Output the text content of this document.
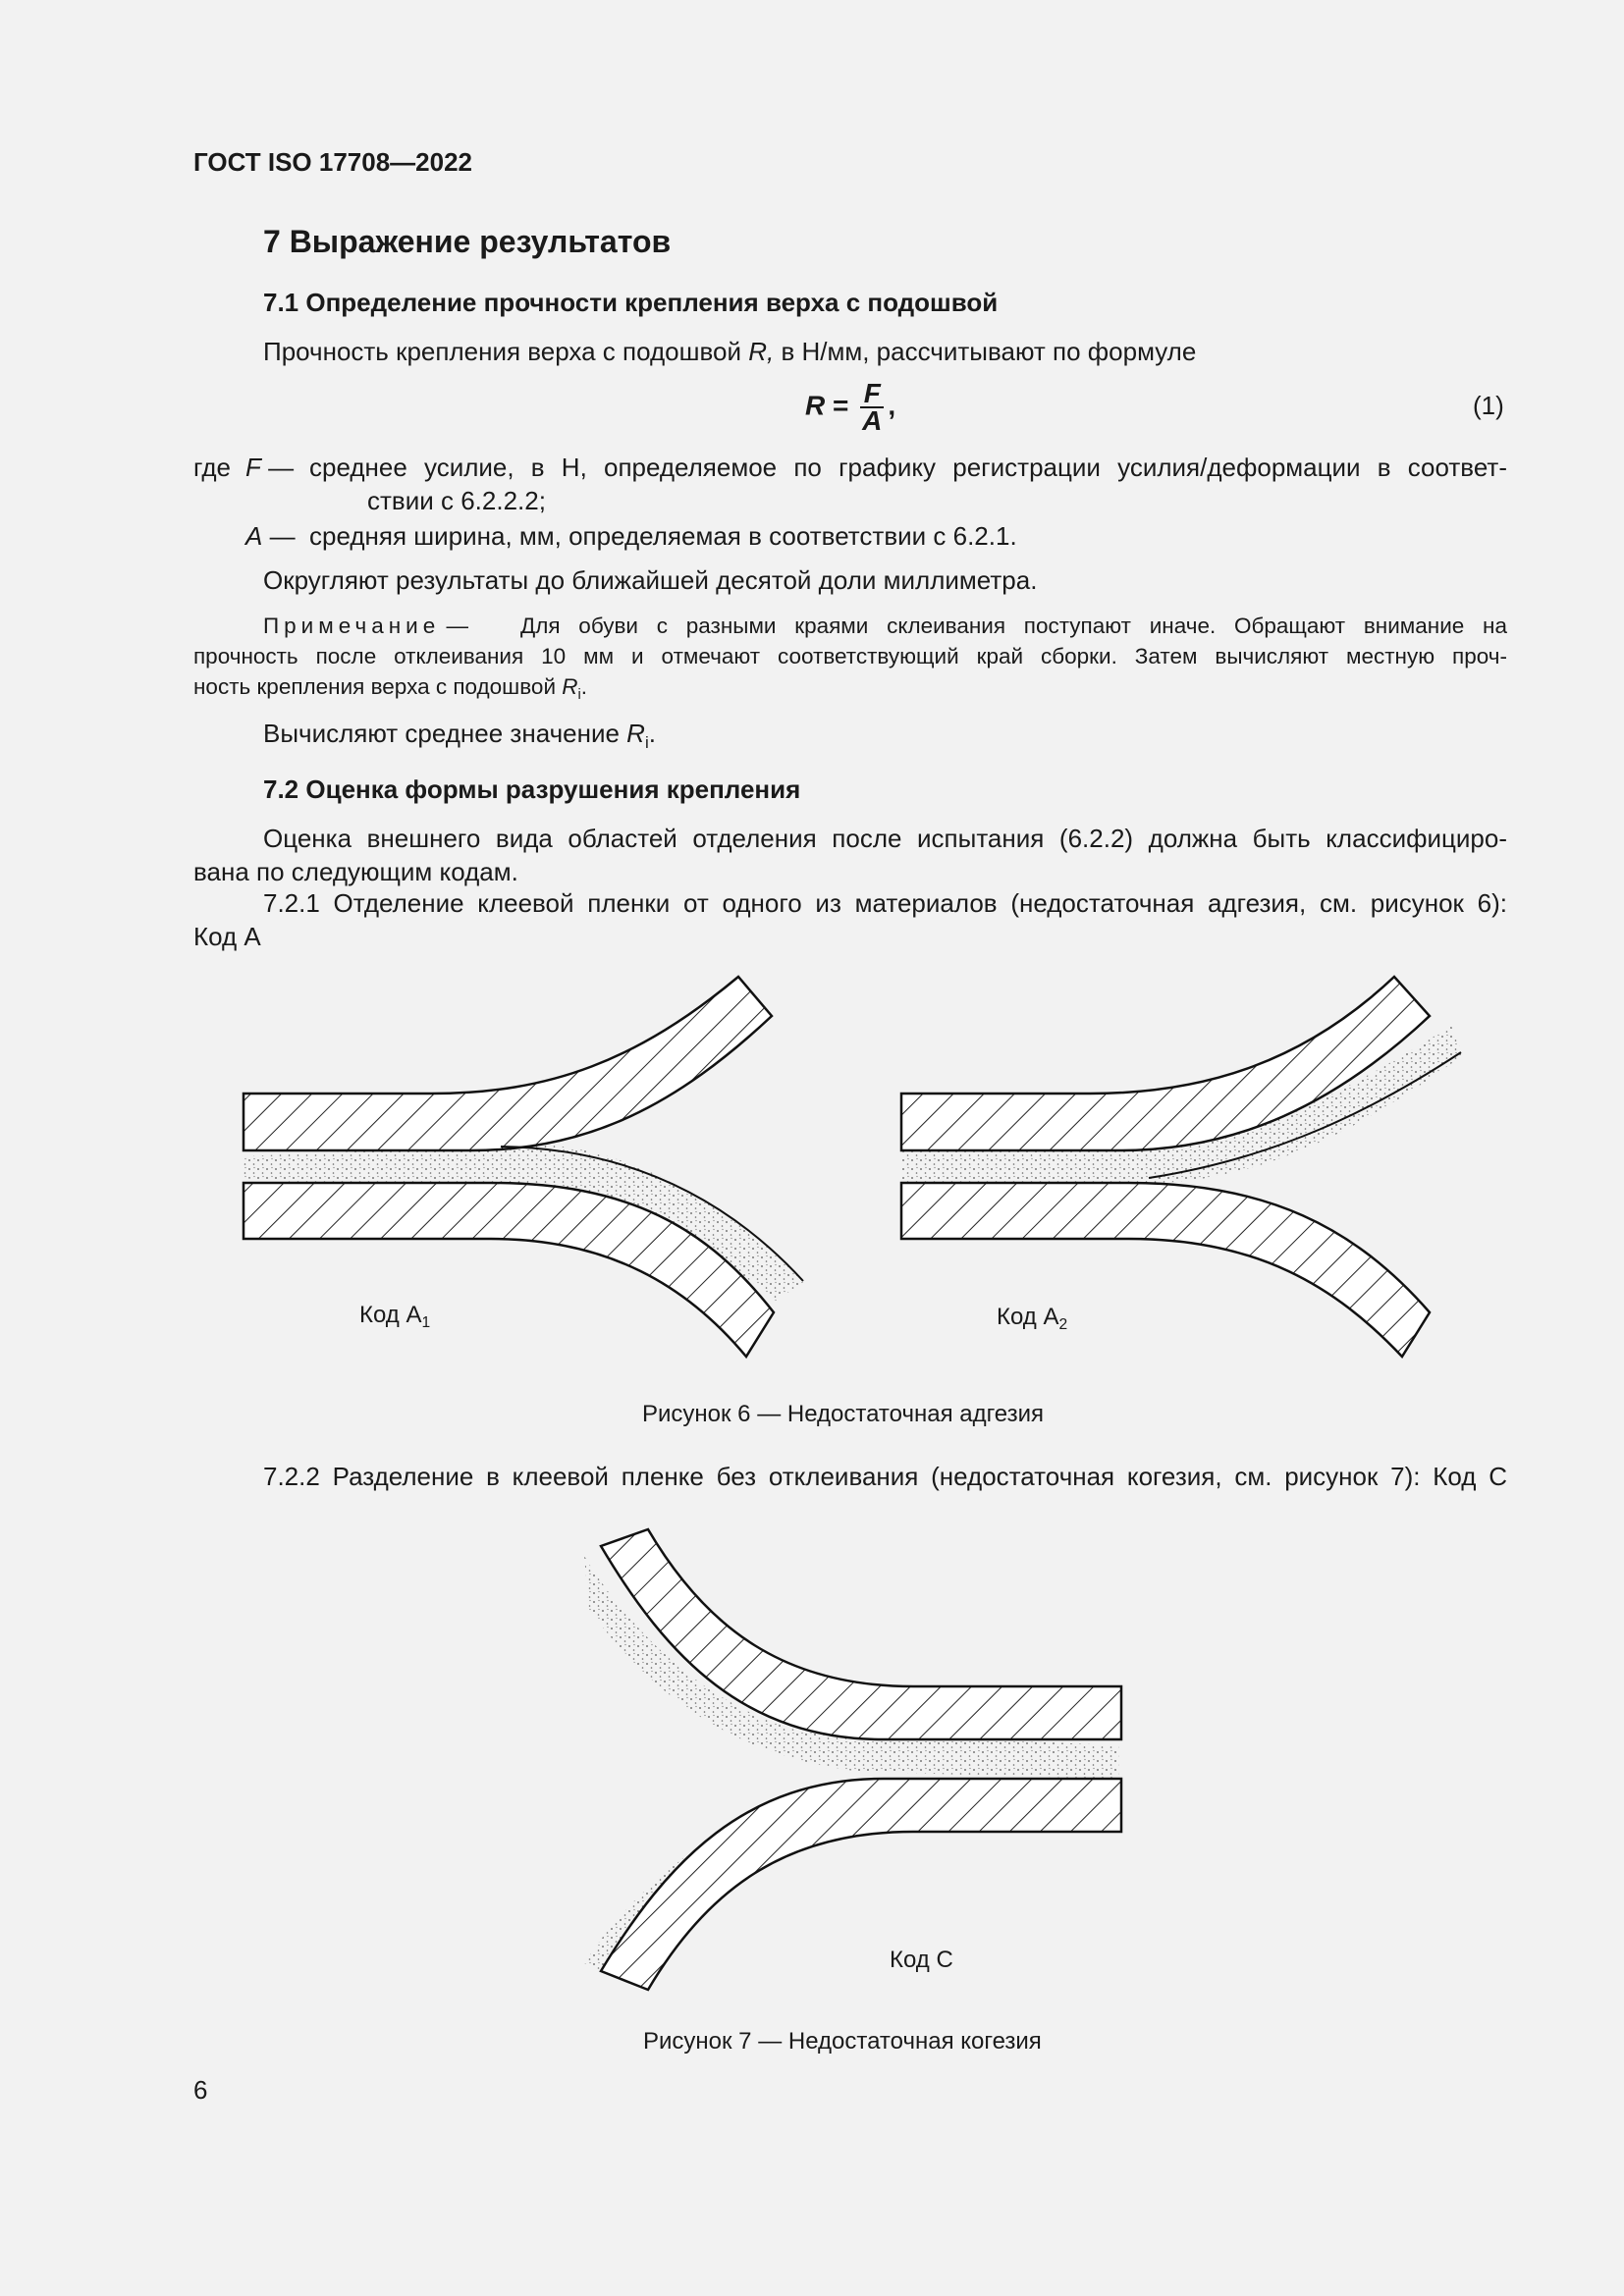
ГОСТ ISO 17708—2022
7 Выражение результатов
7.1 Определение прочности крепления верха с подошвой
Прочность крепления верха с подошвой R, в Н/мм, рассчитывают по формуле
$R = \frac{F}{A}$ ,	(1)
где F — среднее усилие, в Н, определяемое по графику регистрации усилия/деформации в соответ-
ствии с 6.2.2.2;
A — средняя ширина, мм, определяемая в соответствии с 6.2.1.
Округляют результаты до ближайшей десятой доли миллиметра.
Примечание — Для обуви с разными краями склеивания поступают иначе. Обращают внимание на
прочность после отклеивания 10 мм и отмечают соответствующий край сборки. Затем вычисляют местную проч-
ность крепления верха с подошвой $R_i$.
Вычисляют среднее значение $R_i$.
7.2 Оценка формы разрушения крепления
Оценка внешнего вида областей отделения после испытания (6.2.2) должна быть классифициро-
вана по следующим кодам.
7.2.1 Отделение клеевой пленки от одного из материалов (недостаточная адгезия, см. рисунок 6):
Код А
Код $А_1$	Код $А_2$
Рисунок 6 — Недостаточная адгезия
7.2.2 Разделение в клеевой пленке без отклеивания (недостаточная когезия, см. рисунок 7): Код С
Код С
Рисунок 7 — Недостаточная когезия
6
